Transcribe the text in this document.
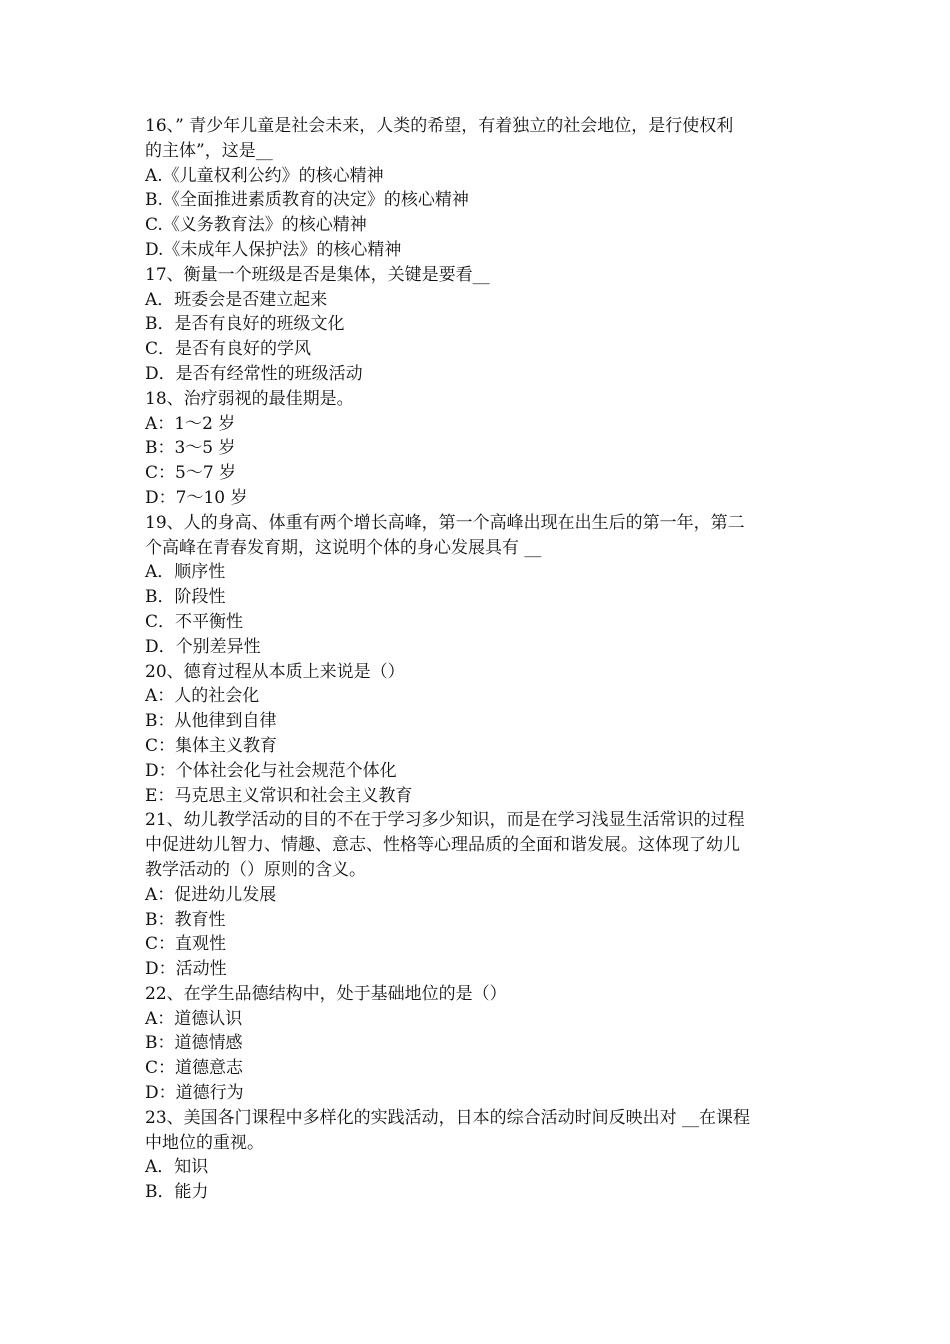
16、” 青少年儿童是社会未来，人类的希望，有着独立的社会地位，是行使权利
的主体”，这是__
A.《儿童权利公约》的核心精神
B.《全面推进素质教育的决定》的核心精神
C.《义务教育法》的核心精神
D.《未成年人保护法》的核心精神
17、衡量一个班级是否是集体，关键是要看__
A．班委会是否建立起来
B．是否有良好的班级文化
C．是否有良好的学风
D．是否有经常性的班级活动
18、治疗弱视的最佳期是。
A：1～2 岁
B：3～5 岁
C：5～7 岁
D：7～10 岁
19、人的身高、体重有两个增长高峰，第一个高峰出现在出生后的第一年，第二
个高峰在青春发育期，这说明个体的身心发展具有 __
A．顺序性
B．阶段性
C．不平衡性
D．个别差异性
20、德育过程从本质上来说是（）
A：人的社会化
B：从他律到自律
C：集体主义教育
D：个体社会化与社会规范个体化
E：马克思主义常识和社会主义教育
21、幼儿教学活动的目的不在于学习多少知识，而是在学习浅显生活常识的过程
中促进幼儿智力、情趣、意志、性格等心理品质的全面和谐发展。这体现了幼儿
教学活动的（）原则的含义。
A：促进幼儿发展
B：教育性
C：直观性
D：活动性
22、在学生品德结构中，处于基础地位的是（）
A：道德认识
B：道德情感
C：道德意志
D：道德行为
23、美国各门课程中多样化的实践活动，日本的综合活动时间反映出对 __在课程
中地位的重视。
A．知识
B．能力
